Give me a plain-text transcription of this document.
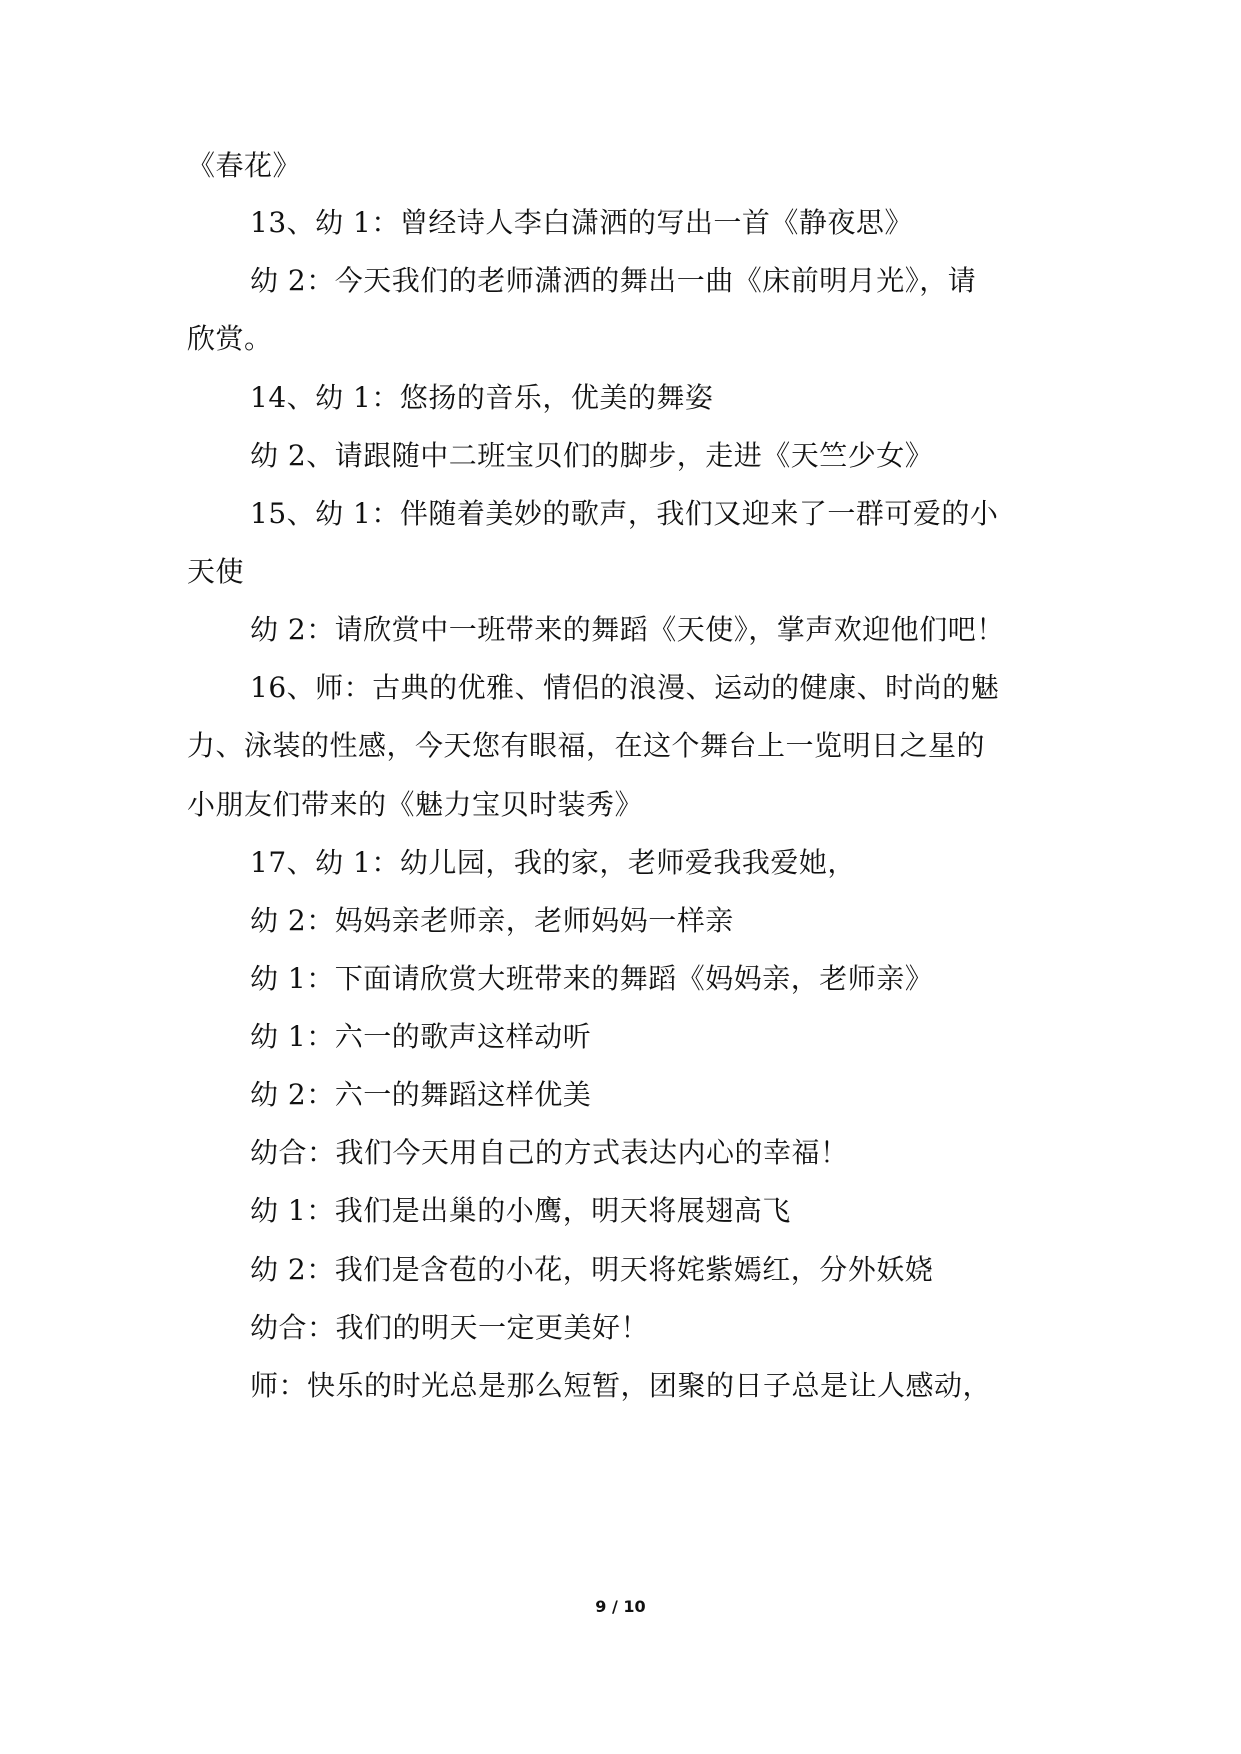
《春花》
13、幼 1：曾经诗人李白潇洒的写出一首《静夜思》
幼 2：今天我们的老师潇洒的舞出一曲《床前明月光》，请
欣赏。
14、幼 1：悠扬的音乐，优美的舞姿
幼 2、请跟随中二班宝贝们的脚步，走进《天竺少女》
15、幼 1：伴随着美妙的歌声，我们又迎来了一群可爱的小
天使
幼 2：请欣赏中一班带来的舞蹈《天使》，掌声欢迎他们吧！
16、师：古典的优雅、情侣的浪漫、运动的健康、时尚的魅
力、泳装的性感，今天您有眼福，在这个舞台上一览明日之星的
小朋友们带来的《魅力宝贝时装秀》
17、幼 1：幼儿园，我的家，老师爱我我爱她，
幼 2：妈妈亲老师亲，老师妈妈一样亲
幼 1：下面请欣赏大班带来的舞蹈《妈妈亲，老师亲》
幼 1：六一的歌声这样动听
幼 2：六一的舞蹈这样优美
幼合：我们今天用自己的方式表达内心的幸福！
幼 1：我们是出巢的小鹰，明天将展翅高飞
幼 2：我们是含苞的小花，明天将姹紫嫣红，分外妖娆
幼合：我们的明天一定更美好！
师：快乐的时光总是那么短暂，团聚的日子总是让人感动，
9 / 10
